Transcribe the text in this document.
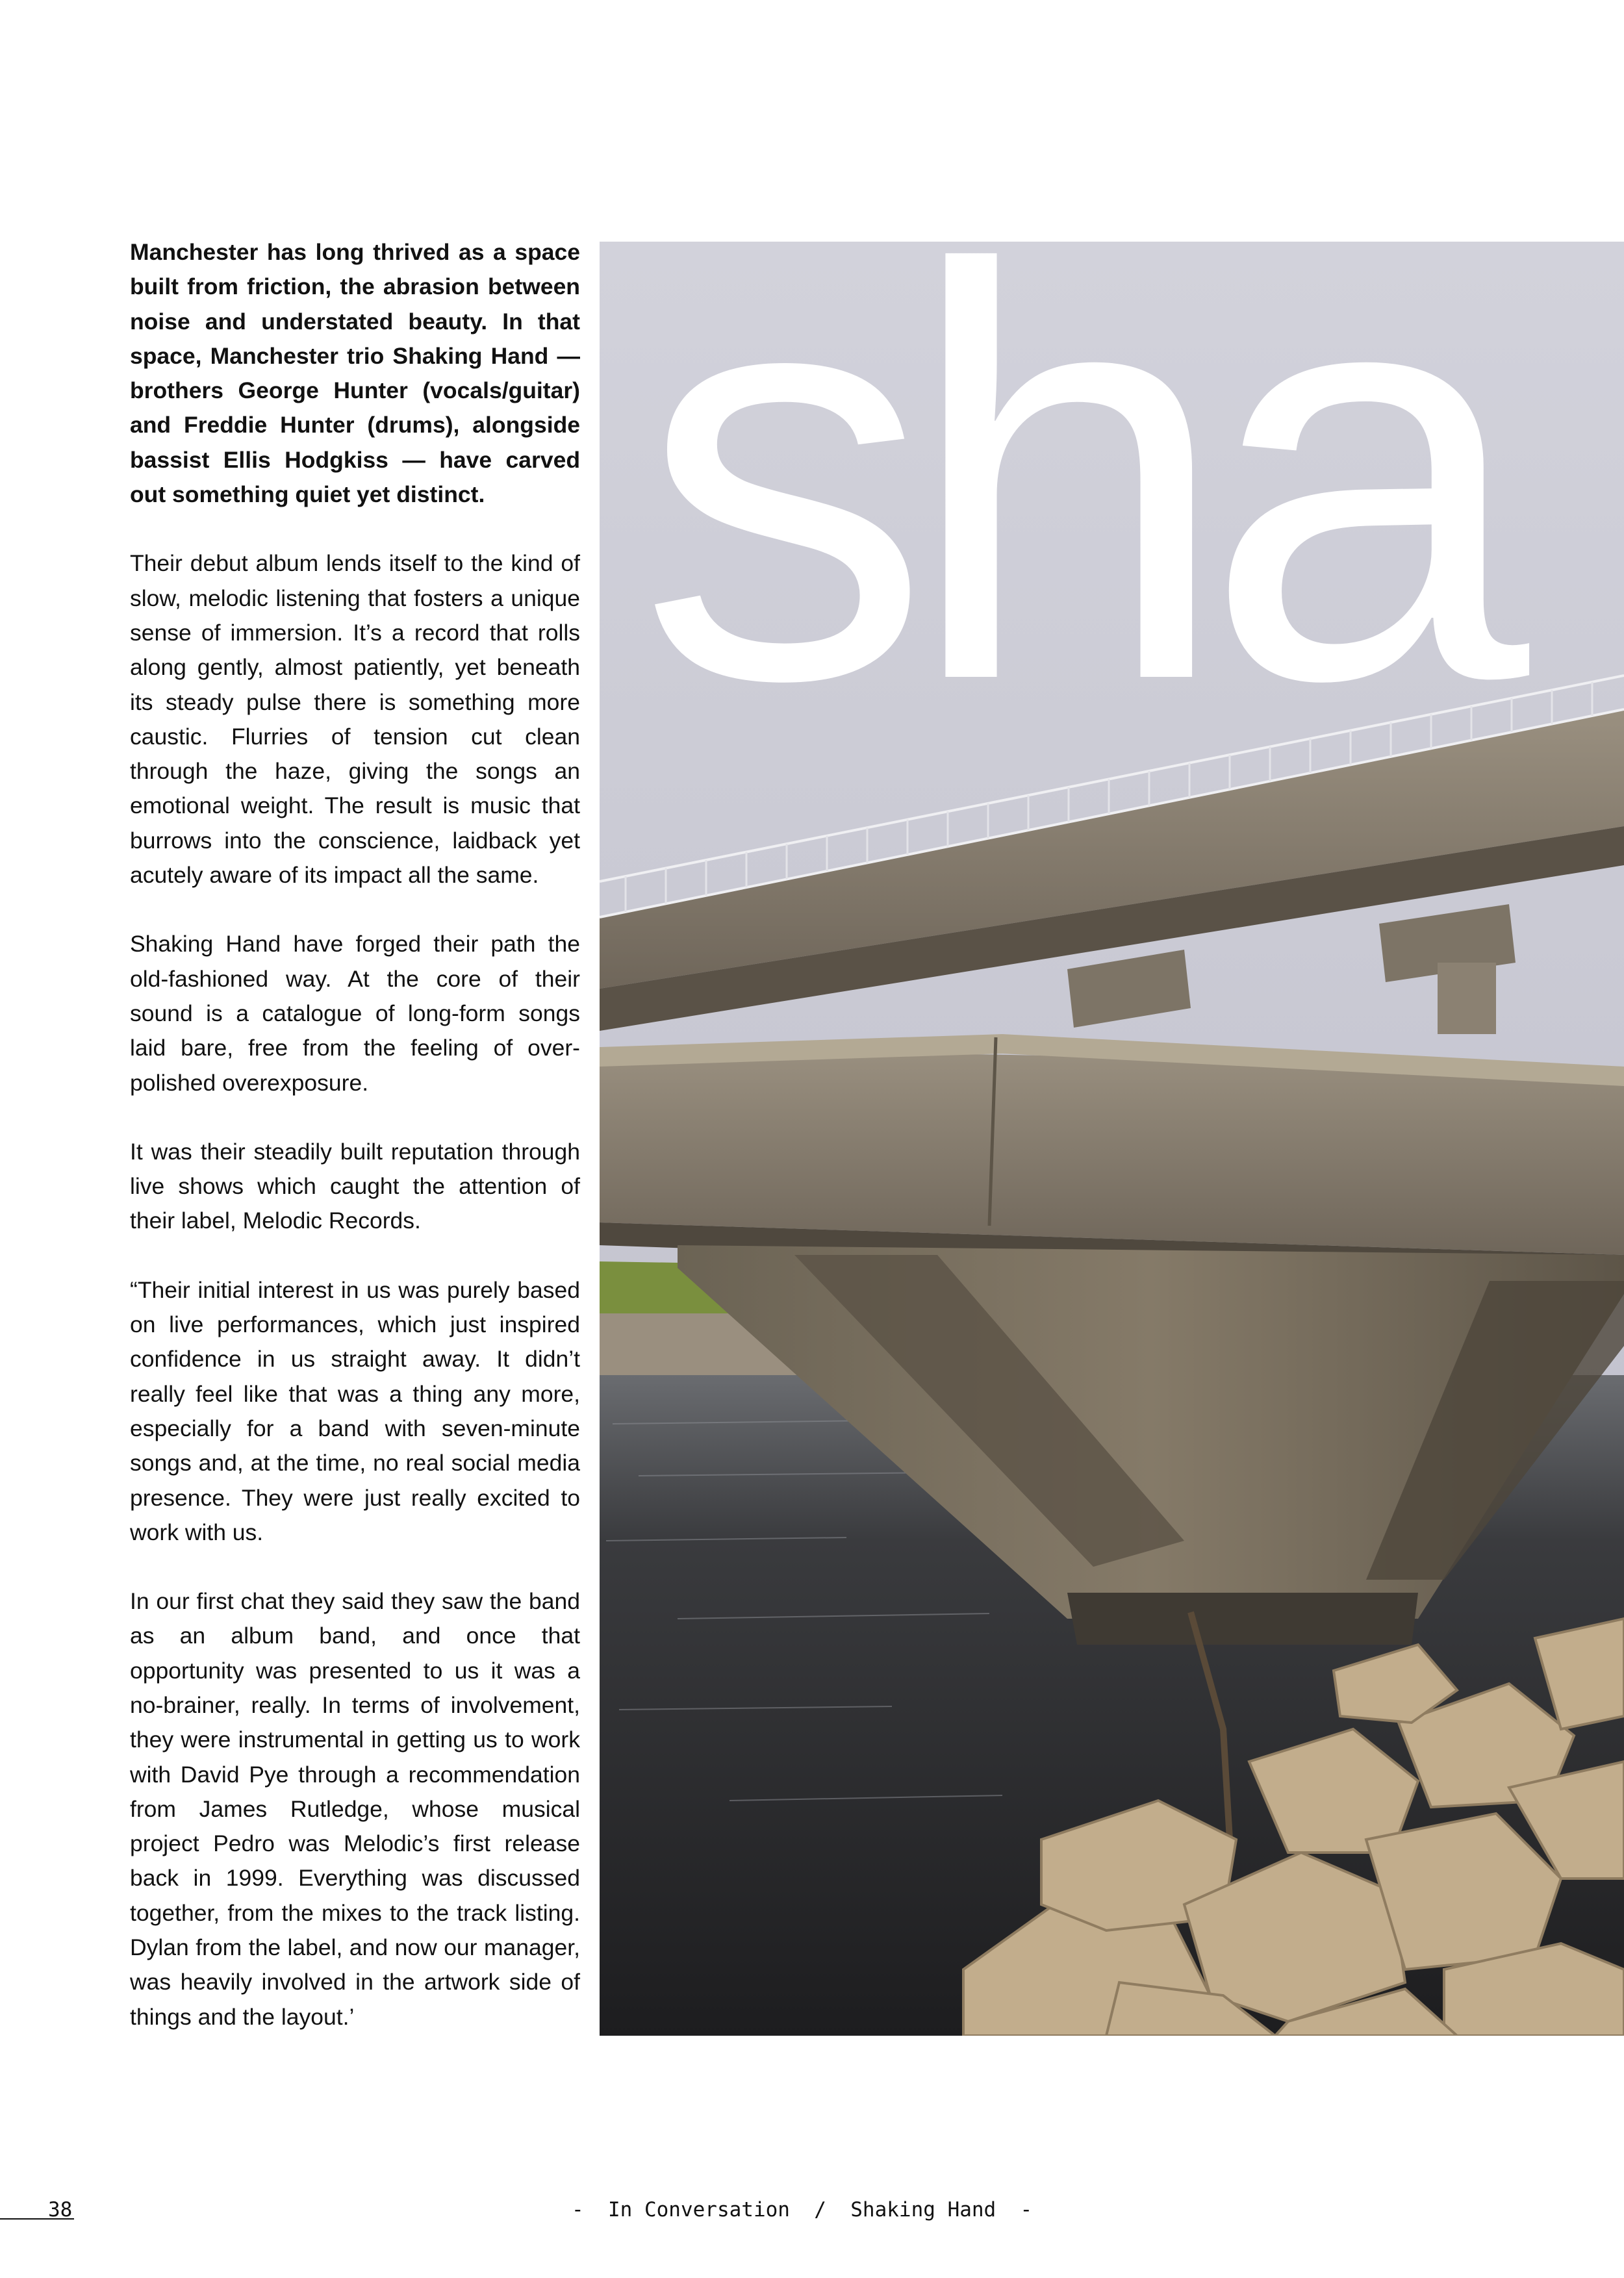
Manchester has long thrived as a space built from friction, the abrasion between noise and understated beauty. In that space, Manchester trio Shaking Hand — brothers George Hunter (vocals/guitar) and Freddie Hunter (drums), alongside bassist Ellis Hodgkiss — have carved out something quiet yet distinct.

Their debut album lends itself to the kind of slow, melodic listening that fosters a unique sense of immersion. It’s a record that rolls along gently, almost patiently, yet beneath its steady pulse there is something more caustic. Flurries of tension cut clean through the haze, giving the songs an emotional weight. The result is music that burrows into the conscience, laidback yet acutely aware of its impact all the same.

Shaking Hand have forged their path the old-fashioned way. At the core of their sound is a catalogue of long-form songs laid bare, free from the feeling of over-polished overexposure.

It was their steadily built reputation through live shows which caught the attention of their label, Melodic Records.

“Their initial interest in us was purely based on live performances, which just inspired confidence in us straight away. It didn’t really feel like that was a thing any more, especially for a band with seven-minute songs and, at the time, no real social media presence. They were just really excited to work with us.

In our first chat they said they saw the band as an album band, and once that opportunity was presented to us it was a no-brainer, really. In terms of involvement, they were instrumental in getting us to work with David Pye through a recommendation from James Rutledge, whose musical project Pedro was Melodic’s first release back in 1999. Everything was discussed together, from the mixes to the track listing. Dylan from the label, and now our manager, was heavily involved in the artwork side of things and the layout.’

sha
38	-  In Conversation  /  Shaking Hand  -
